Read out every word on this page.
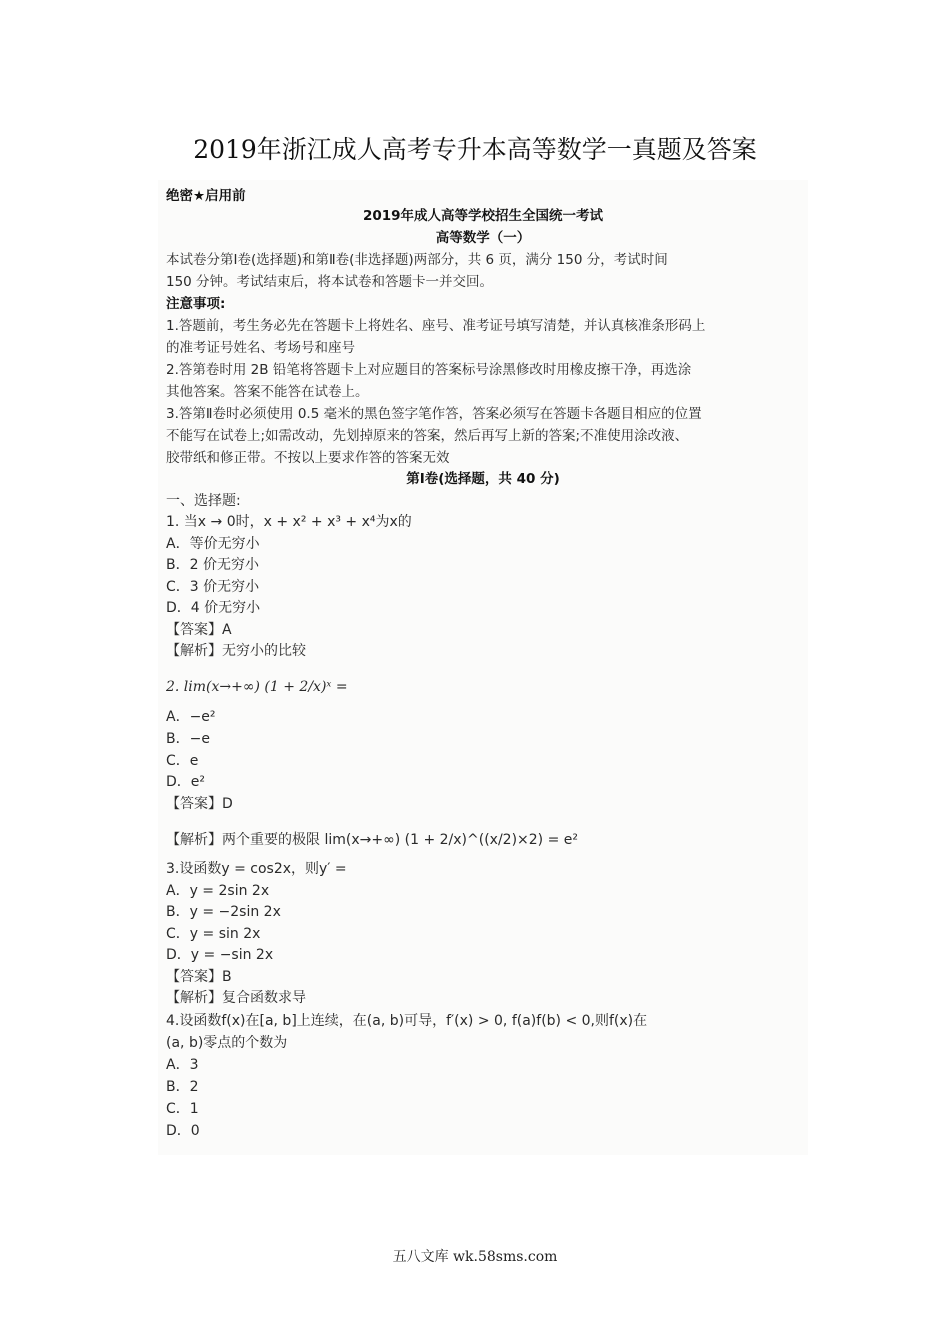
2019年浙江成人高考专升本高等数学一真题及答案
绝密★启用前
2019年成人高等学校招生全国统一考试
高等数学（一）
本试卷分第Ⅰ卷(选择题)和第Ⅱ卷(非选择题)两部分，共 6 页，满分 150 分，考试时间
150 分钟。考试结束后，将本试卷和答题卡一并交回。
注意事项:
1.答题前，考生务必先在答题卡上将姓名、座号、准考证号填写清楚，并认真核准条形码上
的准考证号姓名、考场号和座号
2.答第卷时用 2B 铅笔将答题卡上对应题目的答案标号涂黑修改时用橡皮擦干净，再选涂
其他答案。答案不能答在试卷上。
3.答第Ⅱ卷时必须使用 0.5 毫米的黑色签字笔作答，答案必须写在答题卡各题目相应的位置
不能写在试卷上;如需改动，先划掉原来的答案，然后再写上新的答案;不准使用涂改液、
胶带纸和修正带。不按以上要求作答的答案无效
第Ⅰ卷(选择题，共 40 分)
一、选择题:
1. 当x → 0时，x + x² + x³ + x⁴为x的
A．等价无穷小
B．2 价无穷小
C．3 价无穷小
D．4 价无穷小
【答案】A
【解析】无穷小的比较
2. lim(x→+∞) (1 + 2/x)ˣ =
A．−e²
B．−e
C．e
D．e²
【答案】D
【解析】两个重要的极限 lim(x→+∞) (1 + 2/x)^((x/2)×2) = e²
3.设函数y = cos2x，则y′ =
A．y = 2sin 2x
B．y = −2sin 2x
C．y = sin 2x
D．y = −sin 2x
【答案】B
【解析】复合函数求导
4.设函数f(x)在[a, b]上连续，在(a, b)可导，f′(x) > 0, f(a)f(b) < 0,则f(x)在
(a, b)零点的个数为
A．3
B．2
C．1
D．0
五八文库 wk.58sms.com
